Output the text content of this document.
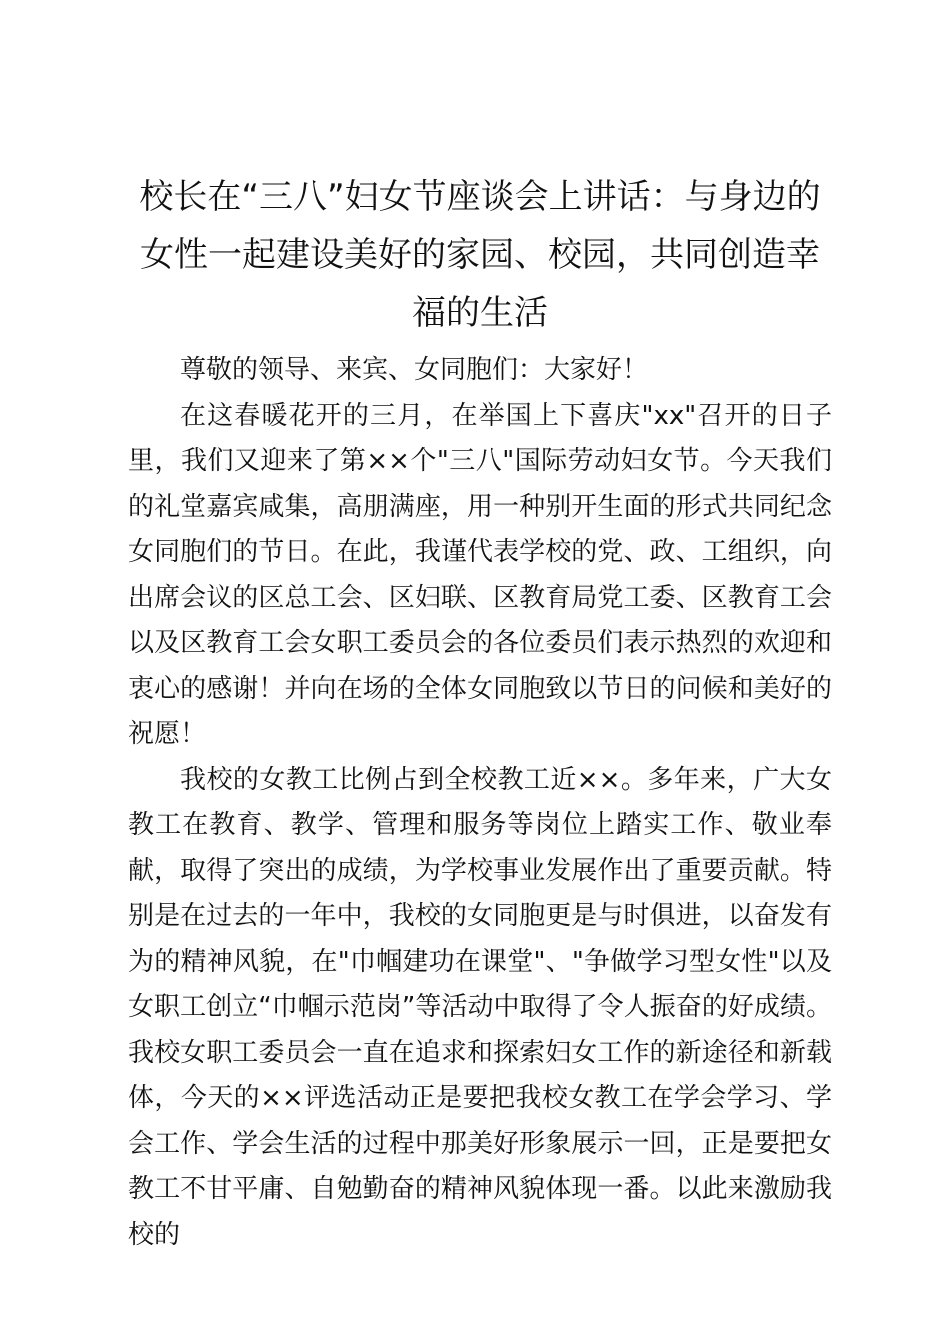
校长在“三八”妇女节座谈会上讲话：与身边的女性一起建设美好的家园、校园，共同创造幸福的生活

尊敬的领导、来宾、女同胞们：大家好！

在这春暖花开的三月，在举国上下喜庆"xx"召开的日子里，我们又迎来了第××个"三八"国际劳动妇女节。今天我们的礼堂嘉宾咸集，高朋满座，用一种别开生面的形式共同纪念女同胞们的节日。在此，我谨代表学校的党、政、工组织，向出席会议的区总工会、区妇联、区教育局党工委、区教育工会以及区教育工会女职工委员会的各位委员们表示热烈的欢迎和衷心的感谢！并向在场的全体女同胞致以节日的问候和美好的祝愿！

我校的女教工比例占到全校教工近××。多年来，广大女教工在教育、教学、管理和服务等岗位上踏实工作、敬业奉献，取得了突出的成绩，为学校事业发展作出了重要贡献。特别是在过去的一年中，我校的女同胞更是与时俱进，以奋发有为的精神风貌，在"巾帼建功在课堂"、"争做学习型女性"以及女职工创立“巾帼示范岗”等活动中取得了令人振奋的好成绩。我校女职工委员会一直在追求和探索妇女工作的新途径和新载体，今天的××评选活动正是要把我校女教工在学会学习、学会工作、学会生活的过程中那美好形象展示一回，正是要把女教工不甘平庸、自勉勤奋的精神风貌体现一番。以此来激励我校的
